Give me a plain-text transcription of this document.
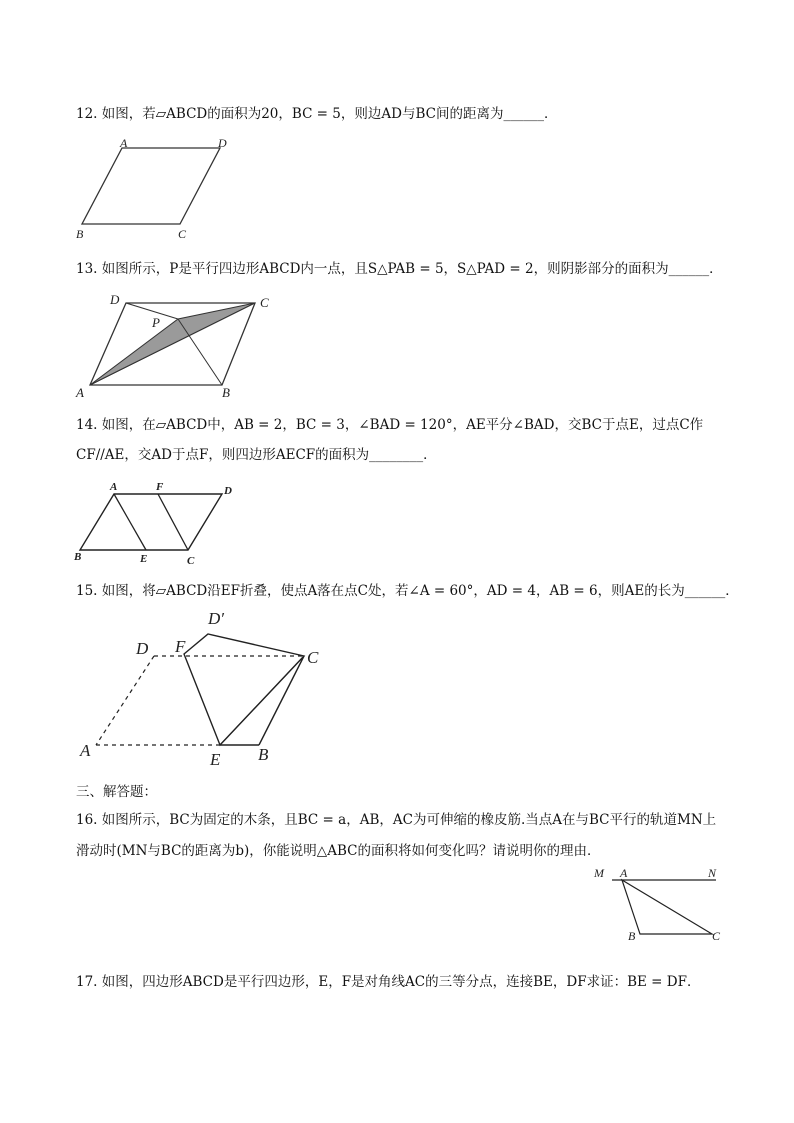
12. 如图，若▱ABCD的面积为20，BC = 5，则边AD与BC间的距离为______．
A	D
B	C
13. 如图所示，P是平行四边形ABCD内一点，且S△PAB = 5，S△PAD = 2，则阴影部分的面积为______．
D	C
P
A	B
14. 如图，在▱ABCD中，AB = 2，BC = 3，∠BAD = 120°，AE平分∠BAD，交BC于点E，过点C作
CF//AE，交AD于点F，则四边形AECF的面积为________．
A	F	D
B	E	C
15. 如图，将▱ABCD沿EF折叠，使点A落在点C处，若∠A = 60°，AD = 4，AB = 6，则AE的长为______．
D′
F
D	C
A	E B
三、解答题：
16. 如图所示，BC为固定的木条，且BC = a，AB，AC为可伸缩的橡皮筋.当点A在与BC平行的轨道MN上
滑动时(MN与BC的距离为b)，你能说明△ABC的面积将如何变化吗？请说明你的理由．
M A	N
B	C
17. 如图，四边形ABCD是平行四边形，E，F是对角线AC的三等分点，连接BE，DF求证：BE = DF．
